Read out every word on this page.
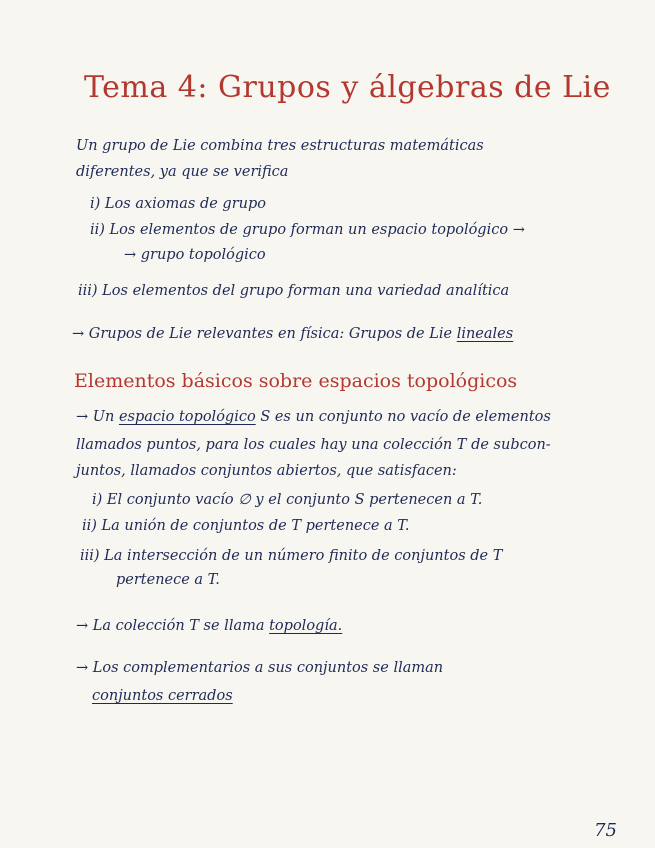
Tema 4: Grupos y álgebras de Lie
Un grupo de Lie combina tres estructuras matemáticas
diferentes, ya que se verifica
i) Los axiomas de grupo
ii) Los elementos de grupo forman un espacio topológico →
→ grupo topológico
iii) Los elementos del grupo forman una variedad analítica
→ Grupos de Lie relevantes en física: Grupos de Lie lineales
Elementos básicos sobre espacios topológicos
→ Un espacio topológico S es un conjunto no vacío de elementos
llamados puntos, para los cuales hay una colección T de subcon-
juntos, llamados conjuntos abiertos, que satisfacen:
i) El conjunto vacío ∅ y el conjunto S pertenecen a T.
ii) La unión de conjuntos de T pertenece a T.
iii) La intersección de un número finito de conjuntos de T
pertenece a T.
→ La colección T se llama topología.
→ Los complementarios a sus conjuntos se llaman
conjuntos cerrados
75
